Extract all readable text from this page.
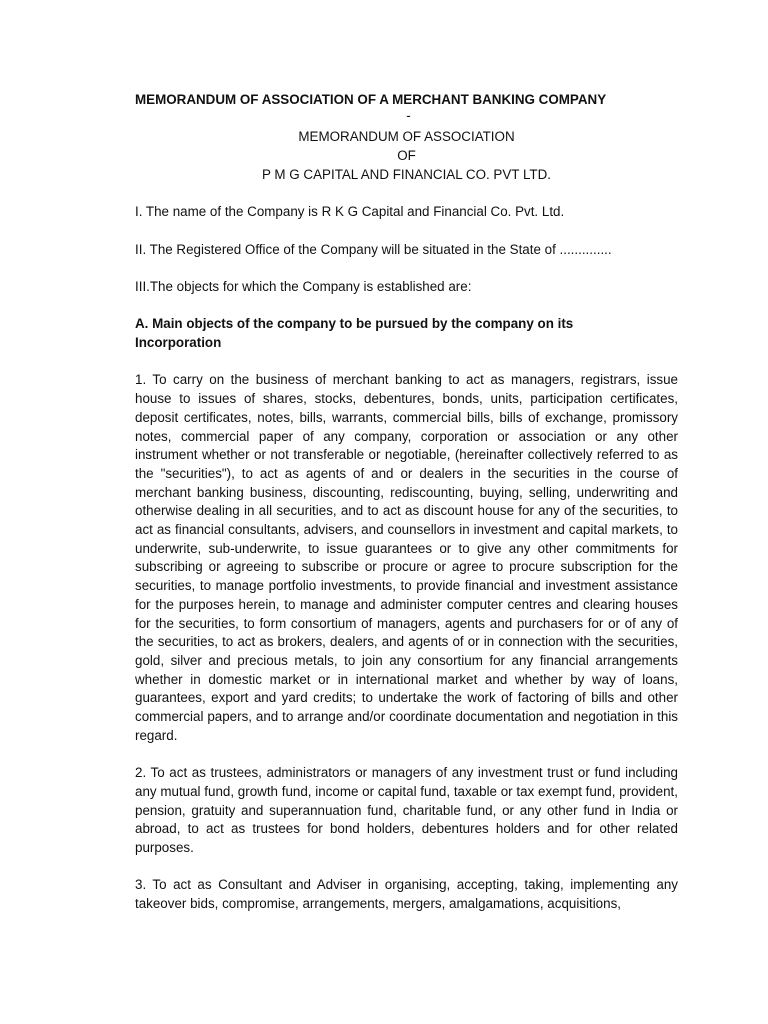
MEMORANDUM OF ASSOCIATION OF A MERCHANT BANKING COMPANY

-

MEMORANDUM OF ASSOCIATION

OF

P M G CAPITAL AND FINANCIAL CO. PVT LTD.

I. The name of the Company is R K G Capital and Financial Co. Pvt. Ltd.

II. The Registered Office of the Company will be situated in the State of ..............

III.The objects for which the Company is established are:

A. Main objects of the company to be pursued by the company on its
Incorporation

1. To carry on the business of merchant banking to act as managers, registrars, issue house to issues of shares, stocks, debentures, bonds, units, participation certificates, deposit certificates, notes, bills, warrants, commercial bills, bills of exchange, promissory notes, commercial paper of any company, corporation or association or any other instrument whether or not transferable or negotiable, (hereinafter collectively referred to as the "securities"), to act as agents of and or dealers in the securities in the course of merchant banking business, discounting, rediscounting, buying, selling, underwriting and otherwise dealing in all securities, and to act as discount house for any of the securities, to act as financial consultants, advisers, and counsellors in investment and capital markets, to underwrite, sub-underwrite, to issue guarantees or to give any other commitments for subscribing or agreeing to subscribe or procure or agree to procure subscription for the securities, to manage portfolio investments, to provide financial and investment assistance for the purposes herein, to manage and administer computer centres and clearing houses for the securities, to form consortium of managers, agents and purchasers for or of any of the securities, to act as brokers, dealers, and agents of or in connection with the securities, gold, silver and precious metals, to join any consortium for any financial arrangements whether in domestic market or in international market and whether by way of loans, guarantees, export and yard credits; to undertake the work of factoring of bills and other commercial papers, and to arrange and/or coordinate documentation and negotiation in this regard.

2. To act as trustees, administrators or managers of any investment trust or fund including any mutual fund, growth fund, income or capital fund, taxable or tax exempt fund, provident, pension, gratuity and superannuation fund, charitable fund, or any other fund in India or abroad, to act as trustees for bond holders, debentures holders and for other related purposes.

3. To act as Consultant and Adviser in organising, accepting, taking, implementing any takeover bids, compromise, arrangements, mergers, amalgamations, acquisitions,
